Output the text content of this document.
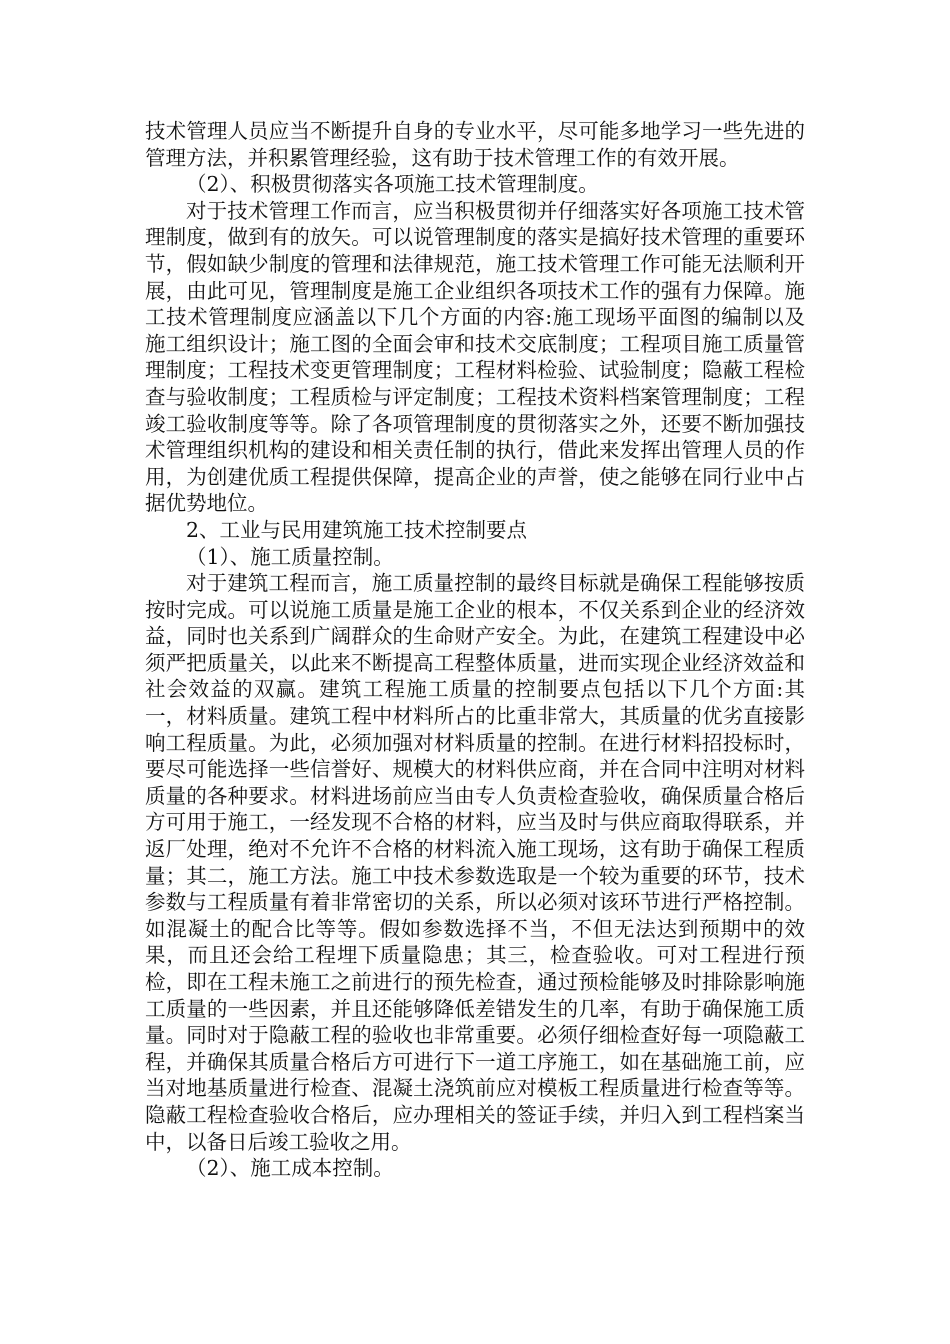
技术管理人员应当不断提升自身的专业水平，尽可能多地学习一些先进的管理方法，并积累管理经验，这有助于技术管理工作的有效开展。

（2）、积极贯彻落实各项施工技术管理制度。

对于技术管理工作而言，应当积极贯彻并仔细落实好各项施工技术管理制度，做到有的放矢。可以说管理制度的落实是搞好技术管理的重要环节，假如缺少制度的管理和法律规范，施工技术管理工作可能无法顺利开展，由此可见，管理制度是施工企业组织各项技术工作的强有力保障。施工技术管理制度应涵盖以下几个方面的内容:施工现场平面图的编制以及施工组织设计；施工图的全面会审和技术交底制度；工程项目施工质量管理制度；工程技术变更管理制度；工程材料检验、试验制度；隐蔽工程检查与验收制度；工程质检与评定制度；工程技术资料档案管理制度；工程竣工验收制度等等。除了各项管理制度的贯彻落实之外，还要不断加强技术管理组织机构的建设和相关责任制的执行，借此来发挥出管理人员的作用，为创建优质工程提供保障，提高企业的声誉，使之能够在同行业中占据优势地位。

2、工业与民用建筑施工技术控制要点

（1）、施工质量控制。

对于建筑工程而言，施工质量控制的最终目标就是确保工程能够按质按时完成。可以说施工质量是施工企业的根本，不仅关系到企业的经济效益，同时也关系到广阔群众的生命财产安全。为此，在建筑工程建设中必须严把质量关，以此来不断提高工程整体质量，进而实现企业经济效益和社会效益的双赢。建筑工程施工质量的控制要点包括以下几个方面:其一，材料质量。建筑工程中材料所占的比重非常大，其质量的优劣直接影响工程质量。为此，必须加强对材料质量的控制。在进行材料招投标时，要尽可能选择一些信誉好、规模大的材料供应商，并在合同中注明对材料质量的各种要求。材料进场前应当由专人负责检查验收，确保质量合格后方可用于施工，一经发现不合格的材料，应当及时与供应商取得联系，并返厂处理，绝对不允许不合格的材料流入施工现场，这有助于确保工程质量；其二，施工方法。施工中技术参数选取是一个较为重要的环节，技术参数与工程质量有着非常密切的关系，所以必须对该环节进行严格控制。如混凝土的配合比等等。假如参数选择不当，不但无法达到预期中的效果，而且还会给工程埋下质量隐患；其三，检查验收。可对工程进行预检，即在工程未施工之前进行的预先检查，通过预检能够及时排除影响施工质量的一些因素，并且还能够降低差错发生的几率，有助于确保施工质量。同时对于隐蔽工程的验收也非常重要。必须仔细检查好每一项隐蔽工程，并确保其质量合格后方可进行下一道工序施工，如在基础施工前，应当对地基质量进行检查、混凝土浇筑前应对模板工程质量进行检查等等。隐蔽工程检查验收合格后，应办理相关的签证手续，并归入到工程档案当中，以备日后竣工验收之用。

（2）、施工成本控制。
